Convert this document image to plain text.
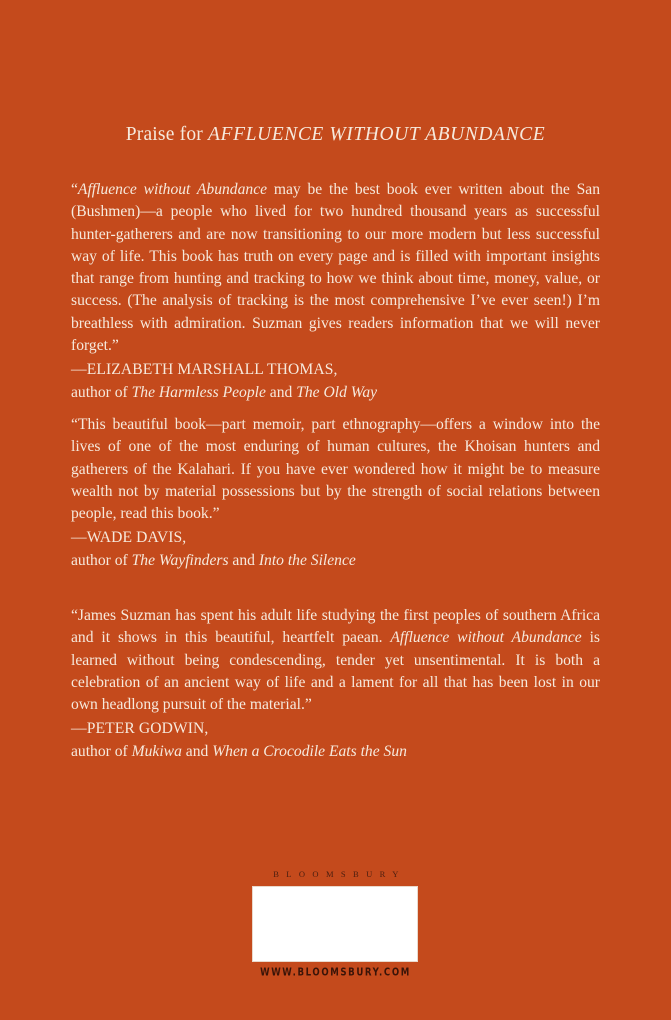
Praise for AFFLUENCE WITHOUT ABUNDANCE

“Affluence without Abundance may be the best book ever written about the San (Bushmen)—a people who lived for two hundred thousand years as successful hunter-gatherers and are now transitioning to our more modern but less successful way of life. This book has truth on every page and is filled with important insights that range from hunting and tracking to how we think about time, money, value, or success. (The analysis of tracking is the most comprehensive I’ve ever seen!) I’m breathless with admiration. Suzman gives readers information that we will never forget.”

—ELIZABETH MARSHALL THOMAS,
author of The Harmless People and The Old Way

“This beautiful book—part memoir, part ethnography—offers a window into the lives of one of the most enduring of human cultures, the Khoisan hunters and gatherers of the Kalahari. If you have ever wondered how it might be to measure wealth not by material possessions but by the strength of social relations between people, read this book.”

—WADE DAVIS,
author of The Wayfinders and Into the Silence

“James Suzman has spent his adult life studying the first peoples of southern Africa and it shows in this beautiful, heartfelt paean. Affluence without Abundance is learned without being condescending, tender yet unsentimental. It is both a celebration of an ancient way of life and a lament for all that has been lost in our own headlong pursuit of the material.”

—PETER GODWIN,
author of Mukiwa and When a Crocodile Eats the Sun
BLOOMSBURY
WWW.BLOOMSBURY.COM
